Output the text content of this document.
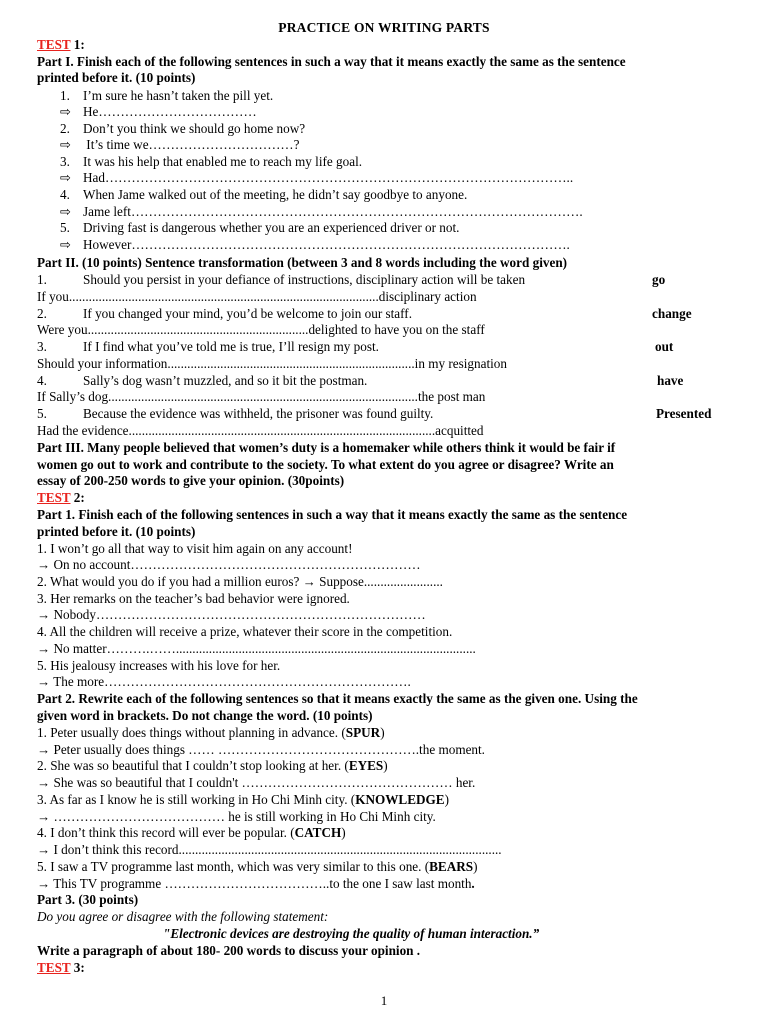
PRACTICE ON WRITING PARTS
TEST 1:
Part I. Finish each of the following sentences in such a way that it means exactly the same as the sentence
printed before it. (10 points)
1. I’m sure he hasn’t taken the pill yet.
⇨ He………………………………
2. Don’t you think we should go home now?
⇨ It’s time we……………………………?
3. It was his help that enabled me to reach my life goal.
⇨ Had……………………………………………………………………………………………..
4. When Jame walked out of the meeting, he didn’t say goodbye to anyone.
⇨ Jame left………………………………………………………………………………………….
5. Driving fast is dangerous whether you are an experienced driver or not.
⇨ However……………………………………………………………………………………….
Part II. (10 points) Sentence transformation (between 3 and 8 words including the word given)
1.	Should you persist in your defiance of instructions, disciplinary action will be taken	go
If you..............................................................................................disciplinary action
2.	If you changed your mind, you’d be welcome to join our staff.	change
Were you...................................................................delighted to have you on the staff
3.	If I find what you’ve told me is true, I’ll resign my post.	out
Should your information...........................................................................in my resignation
4.	Sally’s dog wasn’t muzzled, and so it bit the postman.	have
If Sally’s dog..............................................................................................the post man
5.	Because the evidence was withheld, the prisoner was found guilty.	Presented
Had the evidence.............................................................................................acquitted
Part III. Many people believed that women’s duty is a homemaker while others think it would be fair if
women go out to work and contribute to the society. To what extent do you agree or disagree? Write an
essay of 200-250 words to give your opinion. (30points)
TEST 2:
Part 1. Finish each of the following sentences in such a way that it means exactly the same as the sentence
printed before it. (10 points)
1. I won’t go all that way to visit him again on any account!
→ On no account…………………………………………………………
2. What would you do if you had a million euros? → Suppose........................
3. Her remarks on the teacher’s bad behavior were ignored.
→ Nobody…………………………………………………………………
4. All the children will receive a prize, whatever their score in the competition.
→ No matter……….……...........................................................................................
5. His jealousy increases with his love for her.
→ The more…………………………………………………………….
Part 2. Rewrite each of the following sentences so that it means exactly the same as the given one. Using the
given word in brackets. Do not change the word. (10 points)
1. Peter usually does things without planning in advance. (SPUR)
→ Peter usually does things …… ……………………………………….the moment.
2. She was so beautiful that I couldn’t stop looking at her. (EYES)
→ She was so beautiful that I couldn't ………………………………………… her.
3. As far as I know he is still working in Ho Chi Minh city. (KNOWLEDGE)
→ ………………………………… he is still working in Ho Chi Minh city.
4. I don’t think this record will ever be popular. (CATCH)
→ I don’t think this record..................................................................................................
5. I saw a TV programme last month, which was very similar to this one. (BEARS)
→ This TV programme ………………………………..to the one I saw last month.
Part 3. (30 points)
Do you agree or disagree with the following statement:
"Electronic devices are destroying the quality of human interaction.”
Write a paragraph of about 180- 200 words to discuss your opinion .
TEST 3:
1
